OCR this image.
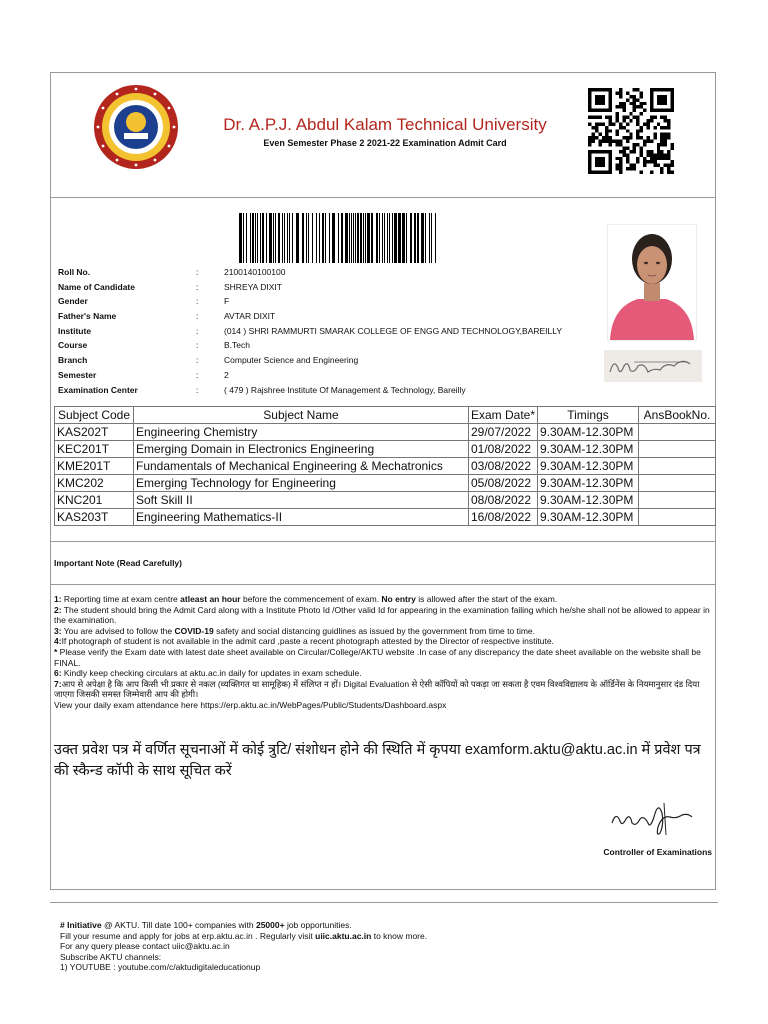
Dr. A.P.J. Abdul Kalam Technical University
Even Semester Phase 2 2021-22 Examination Admit Card
Roll No.	:	2100140100100
Name of Candidate	:	SHREYA DIXIT
Gender	:	F
Father's Name	:	AVTAR DIXIT
Institute	:	(014 ) SHRI RAMMURTI SMARAK COLLEGE OF ENGG AND TECHNOLOGY,BAREILLY
Course	:	B.Tech
Branch	:	Computer Science and Engineering
Semester	:	2
Examination Center	:	( 479 ) Rajshree Institute Of Management & Technology, Bareilly
Subject Code	Subject Name	Exam Date*	Timings	AnsBookNo.
KAS202T	Engineering Chemistry	29/07/2022	9.30AM-12.30PM	
KEC201T	Emerging Domain in Electronics Engineering	01/08/2022	9.30AM-12.30PM	
KME201T	Fundamentals of Mechanical Engineering & Mechatronics	03/08/2022	9.30AM-12.30PM	
KMC202	Emerging Technology for Engineering	05/08/2022	9.30AM-12.30PM	
KNC201	Soft Skill II	08/08/2022	9.30AM-12.30PM	
KAS203T	Engineering Mathematics-II	16/08/2022	9.30AM-12.30PM	
Important Note (Read Carefully)

1: Reporting time at exam centre atleast an hour before the commencement of exam. No entry is allowed after the start of the exam.

2: The student should bring the Admit Card along with a Institute Photo Id /Other valid Id for appearing in the examination failing which he/she shall not be allowed to appear in the examination.

3: You are advised to follow the COVID-19 safety and social distancing guidlines as issued by the government from time to time.

4:If photograph of student is not available in the admit card ,paste a recent photograph attested by the Director of respective institute.

* Please verify the Exam date with latest date sheet available on Circular/College/AKTU website .In case of any discrepancy the date sheet available on the website shall be FINAL.

6: Kindly keep checking circulars at aktu.ac.in daily for updates in exam schedule.

7:आप से अपेक्षा है कि आप किसी भी प्रकार से नकल (व्यक्तिगत या सामूहिक) में संलिप्त न हों। Digital Evaluation से ऐसी कॉपियों को पकड़ा जा सकता है एवम विश्वविद्यालय के ऑर्डिनेंस के नियमानुसार दंड दिया जाएगा जिसकी समस्त जिम्मेवारी आप की होगी।

View your daily exam attendance here https://erp.aktu.ac.in/WebPages/Public/Students/Dashboard.aspx

उक्त प्रवेश पत्र में वर्णित सूचनाओं में कोई त्रुटि/ संशोधन होने की स्थिति में कृपया examform.aktu@aktu.ac.in में प्रवेश पत्र की स्कैन्ड कॉपी के साथ सूचित करें
Controller of Examinations

# Initiative @ AKTU. Till date 100+ companies with 25000+ job opportunities.

Fill your resume and apply for jobs at erp.aktu.ac.in . Regularly visit uiic.aktu.ac.in to know more.

For any query please contact uiic@aktu.ac.in

Subscribe AKTU channels:

1) YOUTUBE : youtube.com/c/aktudigitaleducationup
